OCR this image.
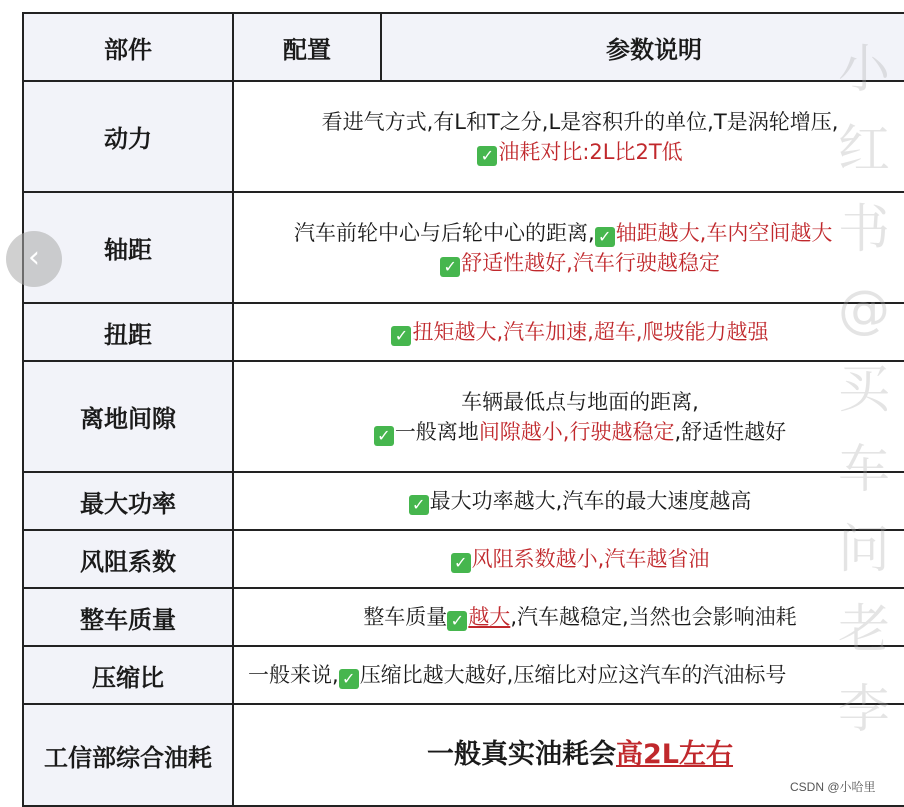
部件	配置	参数说明
动力	看进气方式,有L和T之分,L是容积升的单位,T是涡轮增压,
✓ 油耗对比:2L比2T低	

轴距	汽车前轮中心与后轮中心的距离, ✓ 轴距越大,车内空间越大
✓ 舒适性越好,汽车行驶越稳定	

扭距	✓ 扭矩越大,汽车加速,超车,爬坡能力越强	
离地间隙	车辆最低点与地面的距离,
✓ 一般离地间隙越小,行驶越稳定,舒适性越好	

最大功率	✓ 最大功率越大,汽车的最大速度越高	
风阻系数	✓ 风阻系数越小,汽车越省油	
整车质量	整车质量 ✓ 越大,汽车越稳定,当然也会影响油耗	
压缩比	一般来说, ✓ 压缩比越大越好,压缩比对应这汽车的汽油标号	
工信部综合油耗	一般真实油耗会高2L左右	
小
红
书
@
买
车
问
老
李
‹
CSDN @小哈里
